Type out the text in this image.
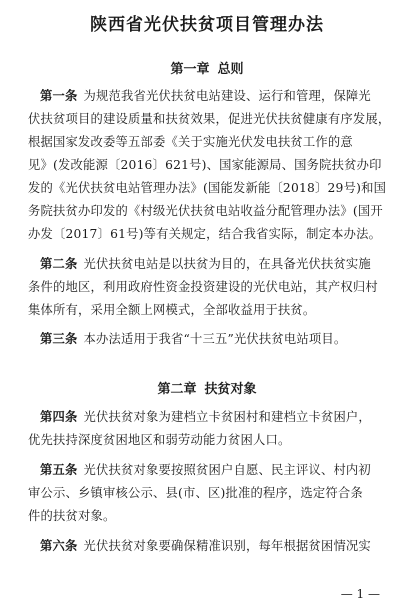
陕西省光伏扶贫项目管理办法
第一章 总则
第一条 为规范我省光伏扶贫电站建设、运行和管理，保障光
伏扶贫项目的建设质量和扶贫效果，促进光伏扶贫健康有序发展，
根据国家发改委等五部委《关于实施光伏发电扶贫工作的意
见》(发改能源〔2016〕621号)、国家能源局、国务院扶贫办印
发的《光伏扶贫电站管理办法》(国能发新能〔2018〕29号)和国
务院扶贫办印发的《村级光伏扶贫电站收益分配管理办法》(国开
办发〔2017〕61号)等有关规定，结合我省实际，制定本办法。
第二条 光伏扶贫电站是以扶贫为目的，在具备光伏扶贫实施
条件的地区，利用政府性资金投资建设的光伏电站，其产权归村
集体所有，采用全额上网模式，全部收益用于扶贫。
第三条 本办法适用于我省“十三五”光伏扶贫电站项目。
第二章 扶贫对象
第四条 光伏扶贫对象为建档立卡贫困村和建档立卡贫困户，
优先扶持深度贫困地区和弱劳动能力贫困人口。
第五条 光伏扶贫对象要按照贫困户自愿、民主评议、村内初
审公示、乡镇审核公示、县(市、区)批准的程序，选定符合条
件的扶贫对象。
第六条 光伏扶贫对象要确保精准识别，每年根据贫困情况实
— 1 —
